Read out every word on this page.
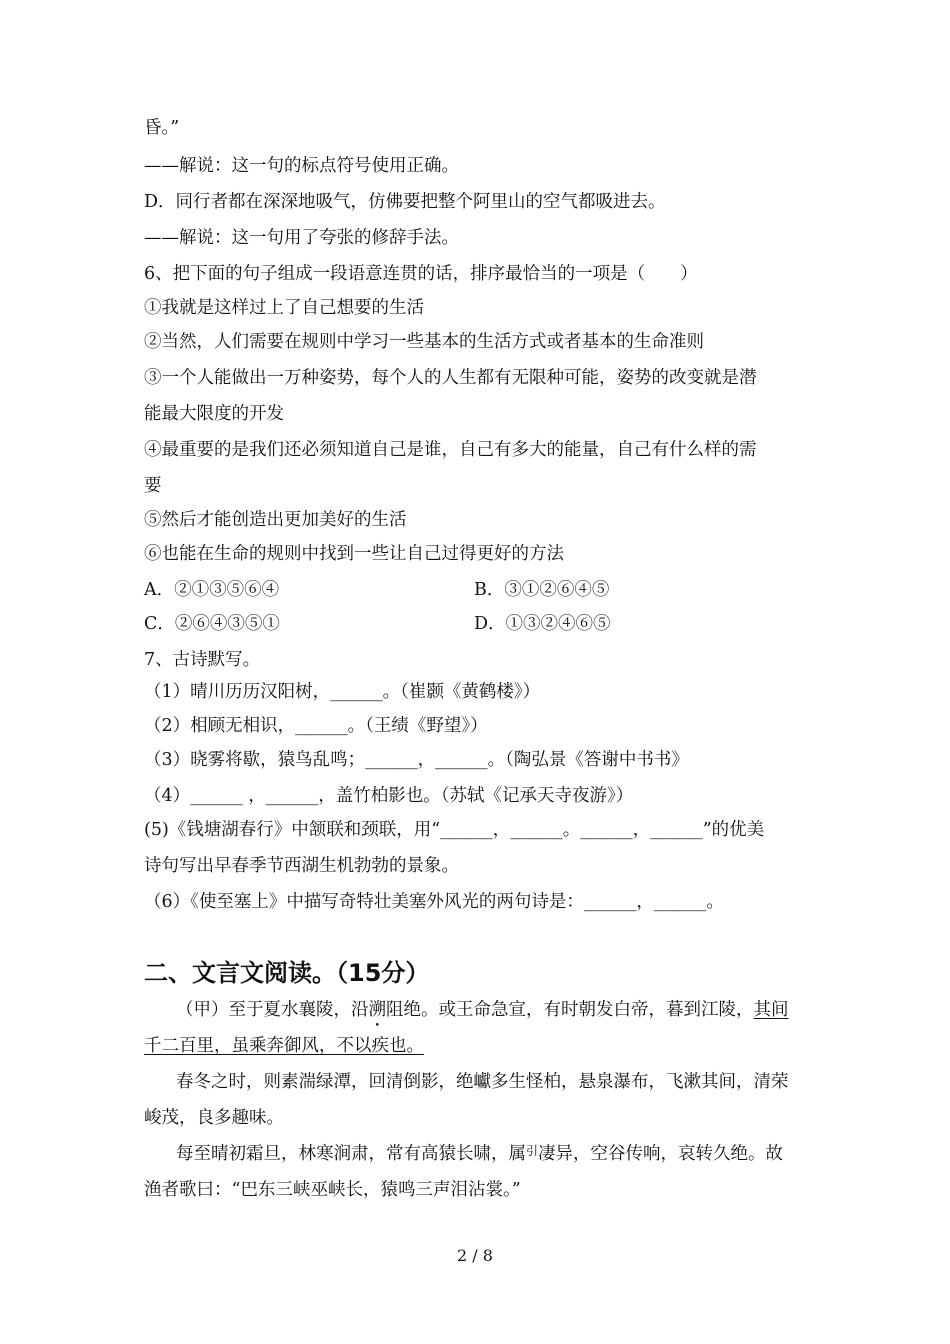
昏。”
——解说：这一句的标点符号使用正确。
D．同行者都在深深地吸气，仿佛要把整个阿里山的空气都吸进去。
——解说：这一句用了夸张的修辞手法。
6、把下面的句子组成一段语意连贯的话，排序最恰当的一项是（　　）
①我就是这样过上了自己想要的生活
②当然，人们需要在规则中学习一些基本的生活方式或者基本的生命准则
③一个人能做出一万种姿势，每个人的人生都有无限种可能，姿势的改变就是潜
能最大限度的开发
④最重要的是我们还必须知道自己是谁，自己有多大的能量，自己有什么样的需
要
⑤然后才能创造出更加美好的生活
⑥也能在生命的规则中找到一些让自己过得更好的方法
A．②①③⑤⑥④	B．③①②⑥④⑤
C．②⑥④③⑤①	D．①③②④⑥⑤
7、古诗默写。
（1）晴川历历汉阳树，______。（崔颢《黄鹤楼》）
（2）相顾无相识，______。（王绩《野望》）
（3）晓雾将歇，猿鸟乱鸣；______，______。（陶弘景《答谢中书书》
（4）______ ，______，盖竹柏影也。（苏轼《记承天寺夜游》）
(5)《钱塘湖春行》中颔联和颈联，用“______，______。______，______”的优美
诗句写出早春季节西湖生机勃勃的景象。
（6）《使至塞上》中描写奇特壮美塞外风光的两句诗是：______，______。
二、文言文阅读。（15分）
（甲）至于夏水襄陵，沿溯阻绝。或王命急宣，有时朝发白帝，暮到江陵，其间
千二百里，虽乘奔御风，不以疾也。
春冬之时，则素湍绿潭，回清倒影，绝巘多生怪柏，悬泉瀑布，飞漱其间，清荣
峻茂，良多趣味。
每至晴初霜旦，林寒涧肃，常有高猿长啸，属$^引$凄异，空谷传响，哀转久绝。故
渔者歌曰：“巴东三峡巫峡长，猿鸣三声泪沾裳。”
2 / 8
